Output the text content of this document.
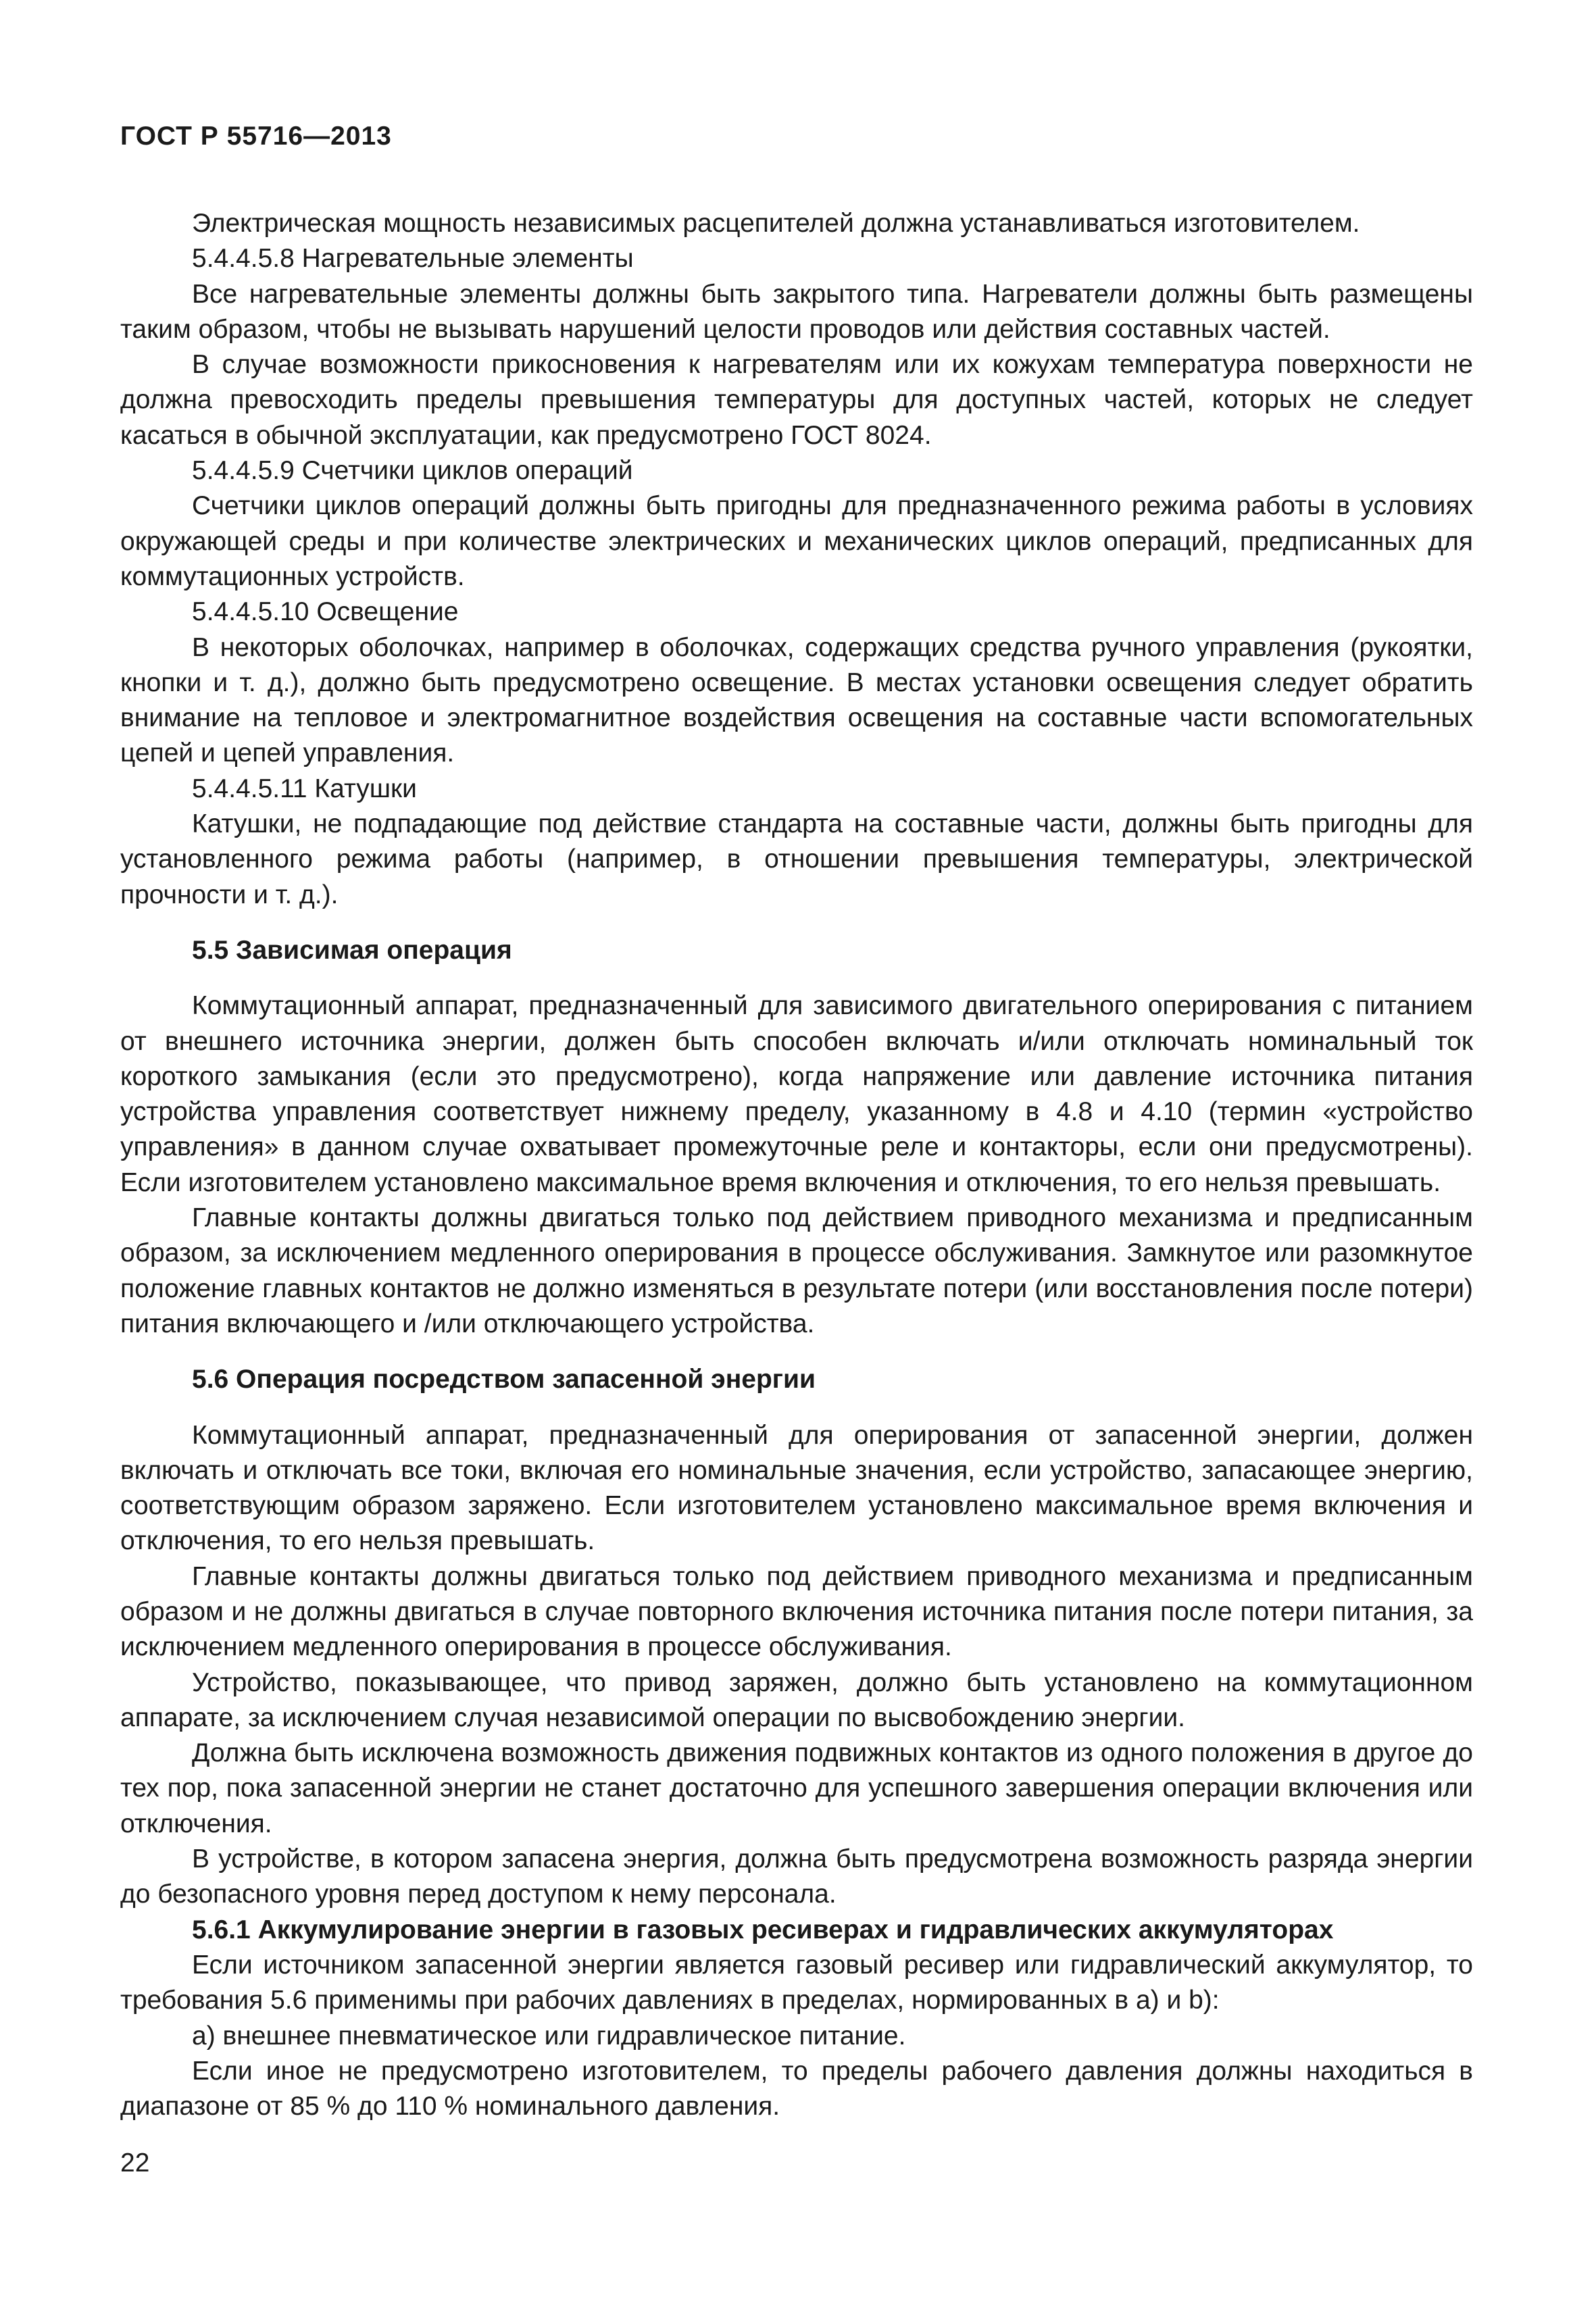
ГОСТ Р 55716—2013

Электрическая мощность независимых расцепителей должна устанавливаться изготовителем.

5.4.4.5.8 Нагревательные элементы

Все нагревательные элементы должны быть закрытого типа. Нагреватели должны быть размещены таким образом, чтобы не вызывать нарушений целости проводов или действия составных частей.

В случае возможности прикосновения к нагревателям или их кожухам температура поверхности не должна превосходить пределы превышения температуры для доступных частей, которых не следует касаться в обычной эксплуатации, как предусмотрено ГОСТ 8024.

5.4.4.5.9 Счетчики циклов операций

Счетчики циклов операций должны быть пригодны для предназначенного режима работы в условиях окружающей среды и при количестве электрических и механических циклов операций, предписанных для коммутационных устройств.

5.4.4.5.10 Освещение

В некоторых оболочках, например в оболочках, содержащих средства ручного управления (рукоятки, кнопки и т. д.), должно быть предусмотрено освещение. В местах установки освещения следует обратить внимание на тепловое и электромагнитное воздействия освещения на составные части вспомогательных цепей и цепей управления.

5.4.4.5.11 Катушки

Катушки, не подпадающие под действие стандарта на составные части, должны быть пригодны для установленного режима работы (например, в отношении превышения температуры, электрической прочности и т. д.).

5.5 Зависимая операция

Коммутационный аппарат, предназначенный для зависимого двигательного оперирования с питанием от внешнего источника энергии, должен быть способен включать и/или отключать номинальный ток короткого замыкания (если это предусмотрено), когда напряжение или давление источника питания устройства управления соответствует нижнему пределу, указанному в 4.8 и 4.10 (термин «устройство управления» в данном случае охватывает промежуточные реле и контакторы, если они предусмотрены). Если изготовителем установлено максимальное время включения и отключения, то его нельзя превышать.

Главные контакты должны двигаться только под действием приводного механизма и предписанным образом, за исключением медленного оперирования в процессе обслуживания. Замкнутое или разомкнутое положение главных контактов не должно изменяться в результате потери (или восстановления после потери) питания включающего и /или отключающего устройства.

5.6 Операция посредством запасенной энергии

Коммутационный аппарат, предназначенный для оперирования от запасенной энергии, должен включать и отключать все токи, включая его номинальные значения, если устройство, запасающее энергию, соответствующим образом заряжено. Если изготовителем установлено максимальное время включения и отключения, то его нельзя превышать.

Главные контакты должны двигаться только под действием приводного механизма и предписанным образом и не должны двигаться в случае повторного включения источника питания после потери питания, за исключением медленного оперирования в процессе обслуживания.

Устройство, показывающее, что привод заряжен, должно быть установлено на коммутационном аппарате, за исключением случая независимой операции по высвобождению энергии.

Должна быть исключена возможность движения подвижных контактов из одного положения в другое до тех пор, пока запасенной энергии не станет достаточно для успешного завершения операции включения или отключения.

В устройстве, в котором запасена энергия, должна быть предусмотрена возможность разряда энергии до безопасного уровня перед доступом к нему персонала.

5.6.1 Аккумулирование энергии в газовых ресиверах и гидравлических аккумуляторах

Если источником запасенной энергии является газовый ресивер или гидравлический аккумулятор, то требования 5.6 применимы при рабочих давлениях в пределах, нормированных в а) и b):

а) внешнее пневматическое или гидравлическое питание.

Если иное не предусмотрено изготовителем, то пределы рабочего давления должны находиться в диапазоне от 85 % до 110 % номинального давления.

22
